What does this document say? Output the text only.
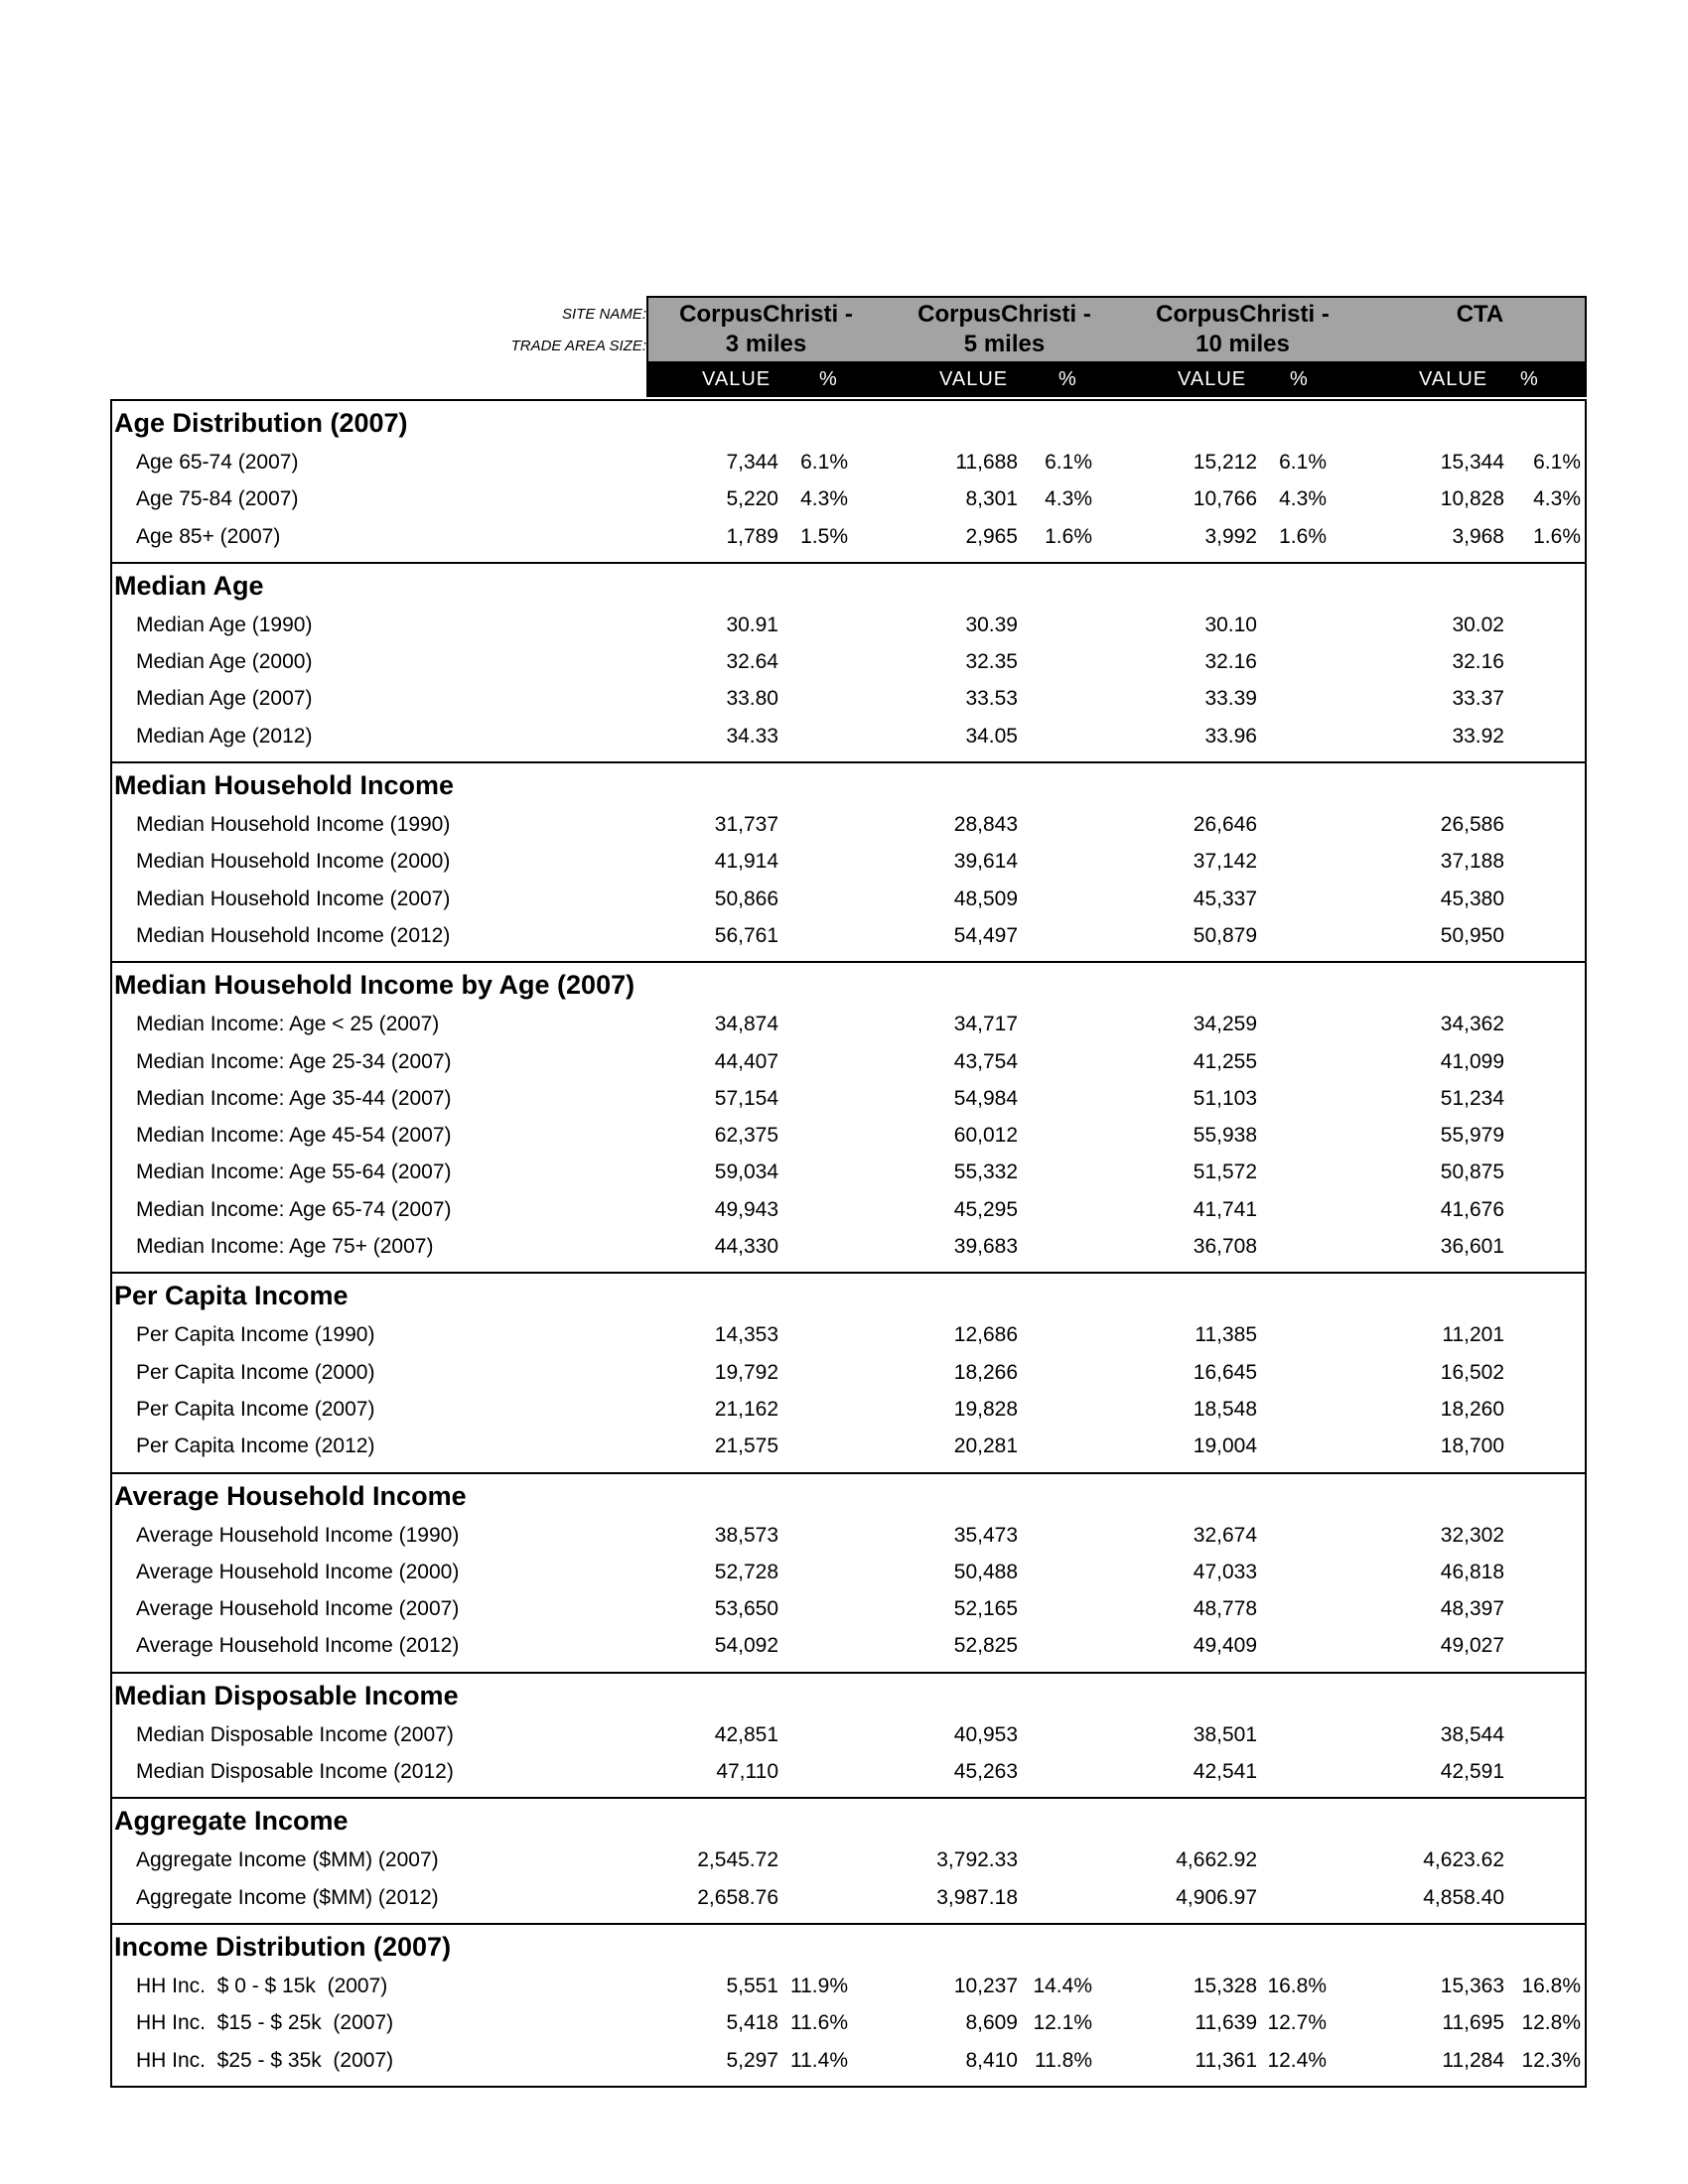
SITE NAME:
TRADE AREA SIZE:
CorpusChristi -
3 miles
CorpusChristi -
5 miles
CorpusChristi -
10 miles
CTA
VALUE %	VALUE	%	VALUE %	VALUE %
Age Distribution (2007)
Age 65-74 (2007)	7,344 6.1%	11,688 6.1%	15,212 6.1%	15,344 6.1%
Age 75-84 (2007)	5,220 4.3%	8,301 4.3%	10,766 4.3%	10,828 4.3%
Age 85+ (2007)	1,789 1.5%	2,965 1.6%	3,992 1.6%	3,968 1.6%
Median Age
Median Age (1990)	30.91	30.39	30.10	30.02
Median Age (2000)	32.64	32.35	32.16	32.16
Median Age (2007)	33.80	33.53	33.39	33.37
Median Age (2012)	34.33	34.05	33.96	33.92
Median Household Income
Median Household Income (1990)	31,737	28,843	26,646	26,586
Median Household Income (2000)	41,914	39,614	37,142	37,188
Median Household Income (2007)	50,866	48,509	45,337	45,380
Median Household Income (2012)	56,761	54,497	50,879	50,950
Median Household Income by Age (2007)
Median Income: Age < 25 (2007)	34,874	34,717	34,259	34,362
Median Income: Age 25-34 (2007)	44,407	43,754	41,255	41,099
Median Income: Age 35-44 (2007)	57,154	54,984	51,103	51,234
Median Income: Age 45-54 (2007)	62,375	60,012	55,938	55,979
Median Income: Age 55-64 (2007)	59,034	55,332	51,572	50,875
Median Income: Age 65-74 (2007)	49,943	45,295	41,741	41,676
Median Income: Age 75+ (2007)	44,330	39,683	36,708	36,601
Per Capita Income
Per Capita Income (1990)	14,353	12,686	11,385	11,201
Per Capita Income (2000)	19,792	18,266	16,645	16,502
Per Capita Income (2007)	21,162	19,828	18,548	18,260
Per Capita Income (2012)	21,575	20,281	19,004	18,700
Average Household Income
Average Household Income (1990)	38,573	35,473	32,674	32,302
Average Household Income (2000)	52,728	50,488	47,033	46,818
Average Household Income (2007)	53,650	52,165	48,778	48,397
Average Household Income (2012)	54,092	52,825	49,409	49,027
Median Disposable Income
Median Disposable Income (2007)	42,851	40,953	38,501	38,544
Median Disposable Income (2012)	47,110	45,263	42,541	42,591
Aggregate Income
Aggregate Income ($MM) (2007)	2,545.72	3,792.33	4,662.92	4,623.62
Aggregate Income ($MM) (2012)	2,658.76	3,987.18	4,906.97	4,858.40
Income Distribution (2007)
HH Inc.  $ 0 - $ 15k  (2007)	5,551 11.9%	10,237 14.4%	15,328 16.8%	15,363 16.8%
HH Inc.  $15 - $ 25k  (2007)	5,418 11.6%	8,609 12.1%	11,639 12.7%	11,695 12.8%
HH Inc.  $25 - $ 35k  (2007)	5,297 11.4%	8,410 11.8%	11,361 12.4%	11,284 12.3%
